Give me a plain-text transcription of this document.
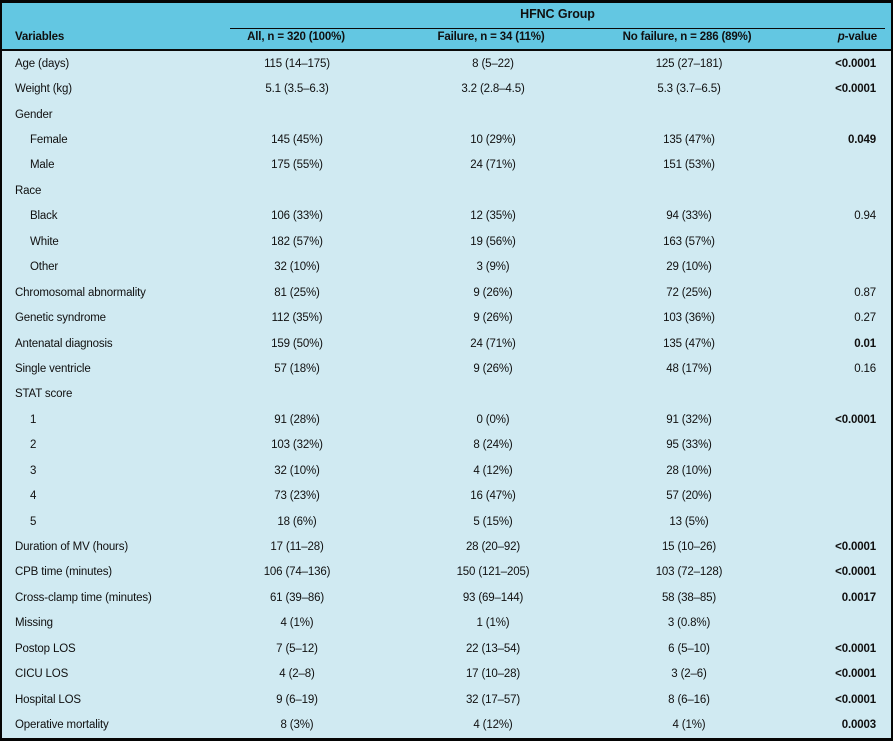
HFNC Group
Variables	All, n = 320 (100%)	Failure, n = 34 (11%)	No failure, n = 286 (89%)	p-value
Age (days)	115 (14–175)	8 (5–22)	125 (27–181)	<0.0001
Weight (kg)	5.1 (3.5–6.3)	3.2 (2.8–4.5)	5.3 (3.7–6.5)	<0.0001
Gender
Female	145 (45%)	10 (29%)	135 (47%)	0.049
Male	175 (55%)	24 (71%)	151 (53%)
Race
Black	106 (33%)	12 (35%)	94 (33%)	0.94
White	182 (57%)	19 (56%)	163 (57%)
Other	32 (10%)	3 (9%)	29 (10%)
Chromosomal abnormality	81 (25%)	9 (26%)	72 (25%)	0.87
Genetic syndrome	112 (35%)	9 (26%)	103 (36%)	0.27
Antenatal diagnosis	159 (50%)	24 (71%)	135 (47%)	0.01
Single ventricle	57 (18%)	9 (26%)	48 (17%)	0.16
STAT score
1	91 (28%)	0 (0%)	91 (32%)	<0.0001
2	103 (32%)	8 (24%)	95 (33%)
3	32 (10%)	4 (12%)	28 (10%)
4	73 (23%)	16 (47%)	57 (20%)
5	18 (6%)	5 (15%)	13 (5%)
Duration of MV (hours)	17 (11–28)	28 (20–92)	15 (10–26)	<0.0001
CPB time (minutes)	106 (74–136)	150 (121–205)	103 (72–128)	<0.0001
Cross-clamp time (minutes)	61 (39–86)	93 (69–144)	58 (38–85)	0.0017
Missing	4 (1%)	1 (1%)	3 (0.8%)
Postop LOS	7 (5–12)	22 (13–54)	6 (5–10)	<0.0001
CICU LOS	4 (2–8)	17 (10–28)	3 (2–6)	<0.0001
Hospital LOS	9 (6–19)	32 (17–57)	8 (6–16)	<0.0001
Operative mortality	8 (3%)	4 (12%)	4 (1%)	0.0003
